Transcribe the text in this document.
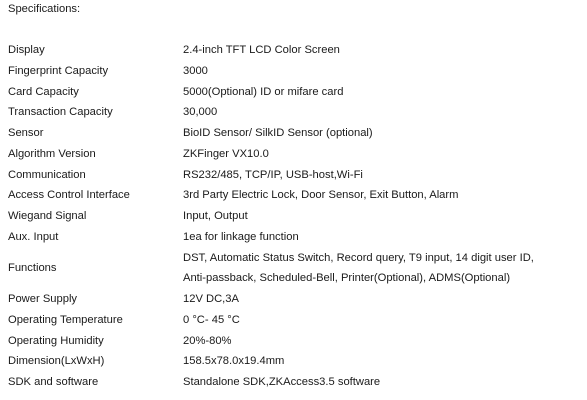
Specifications:
Display	2.4-inch TFT LCD Color Screen
Fingerprint Capacity	3000
Card Capacity	5000(Optional) ID or mifare card
Transaction Capacity	30,000
Sensor	BioID Sensor/ SilkID Sensor (optional)
Algorithm Version	ZKFinger VX10.0
Communication	RS232/485, TCP/IP, USB-host,Wi-Fi
Access Control Interface	3rd Party Electric Lock, Door Sensor, Exit Button, Alarm
Wiegand Signal	Input, Output
Aux. Input	1ea for linkage function
Functions	DST, Automatic Status Switch, Record query, T9 input, 14 digit user ID,
Anti-passback, Scheduled-Bell, Printer(Optional), ADMS(Optional)

Power Supply	12V DC,3A
Operating Temperature	0 °C- 45 °C
Operating Humidity	20%-80%
Dimension(LxWxH)	158.5x78.0x19.4mm
SDK and software	Standalone SDK,ZKAccess3.5 software
